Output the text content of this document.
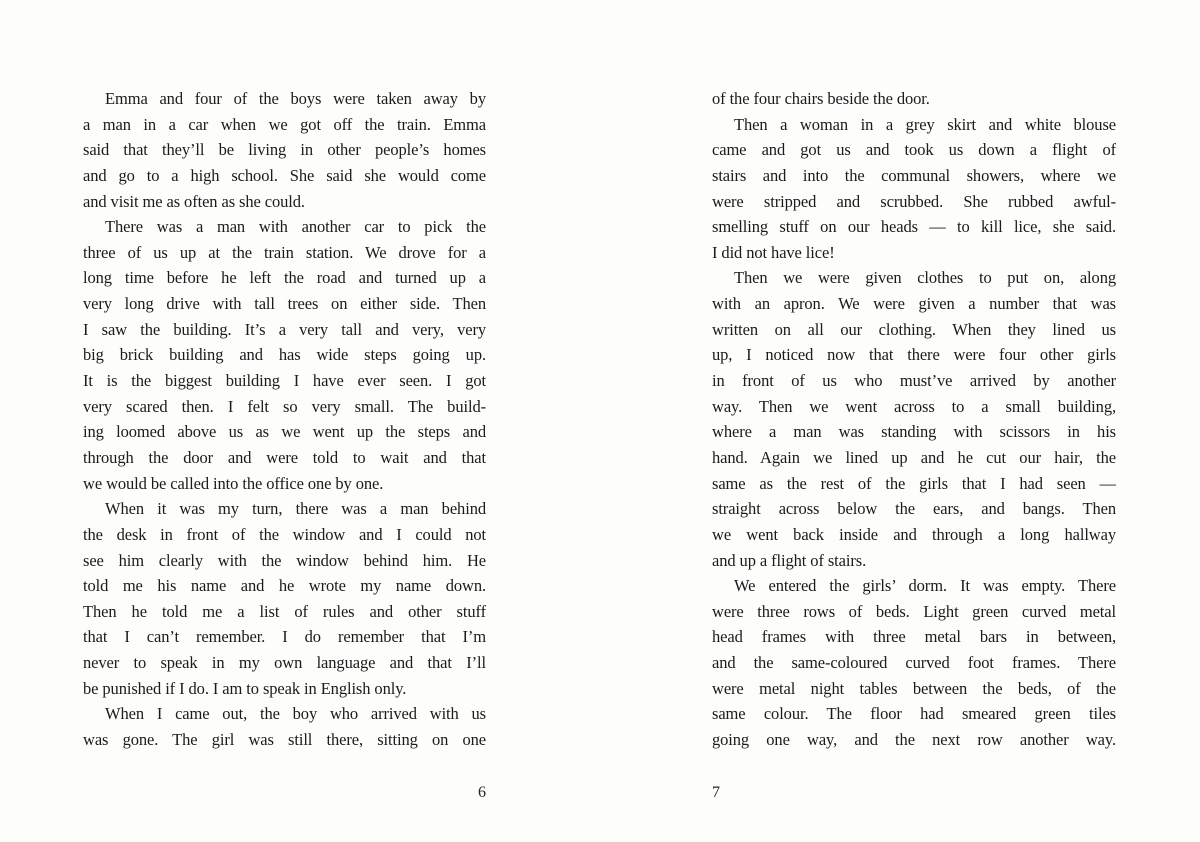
Emma and four of the boys were taken away by
a man in a car when we got off the train. Emma
said that they’ll be living in other people’s homes
and go to a high school. She said she would come
and visit me as often as she could.
There was a man with another car to pick the
three of us up at the train station. We drove for a
long time before he left the road and turned up a
very long drive with tall trees on either side. Then
I saw the building. It’s a very tall and very, very
big brick building and has wide steps going up.
It is the biggest building I have ever seen. I got
very scared then. I felt so very small. The build-
ing loomed above us as we went up the steps and
through the door and were told to wait and that
we would be called into the office one by one.
When it was my turn, there was a man behind
the desk in front of the window and I could not
see him clearly with the window behind him. He
told me his name and he wrote my name down.
Then he told me a list of rules and other stuff
that I can’t remember. I do remember that I’m
never to speak in my own language and that I’ll
be punished if I do. I am to speak in English only.
When I came out, the boy who arrived with us
was gone. The girl was still there, sitting on one
of the four chairs beside the door.
Then a woman in a grey skirt and white blouse
came and got us and took us down a flight of
stairs and into the communal showers, where we
were stripped and scrubbed. She rubbed awful-
smelling stuff on our heads — to kill lice, she said.
I did not have lice!
Then we were given clothes to put on, along
with an apron. We were given a number that was
written on all our clothing. When they lined us
up, I noticed now that there were four other girls
in front of us who must’ve arrived by another
way. Then we went across to a small building,
where a man was standing with scissors in his
hand. Again we lined up and he cut our hair, the
same as the rest of the girls that I had seen —
straight across below the ears, and bangs. Then
we went back inside and through a long hallway
and up a flight of stairs.
We entered the girls’ dorm. It was empty. There
were three rows of beds. Light green curved metal
head frames with three metal bars in between,
and the same-coloured curved foot frames. There
were metal night tables between the beds, of the
same colour. The floor had smeared green tiles
going one way, and the next row another way.
6	7
